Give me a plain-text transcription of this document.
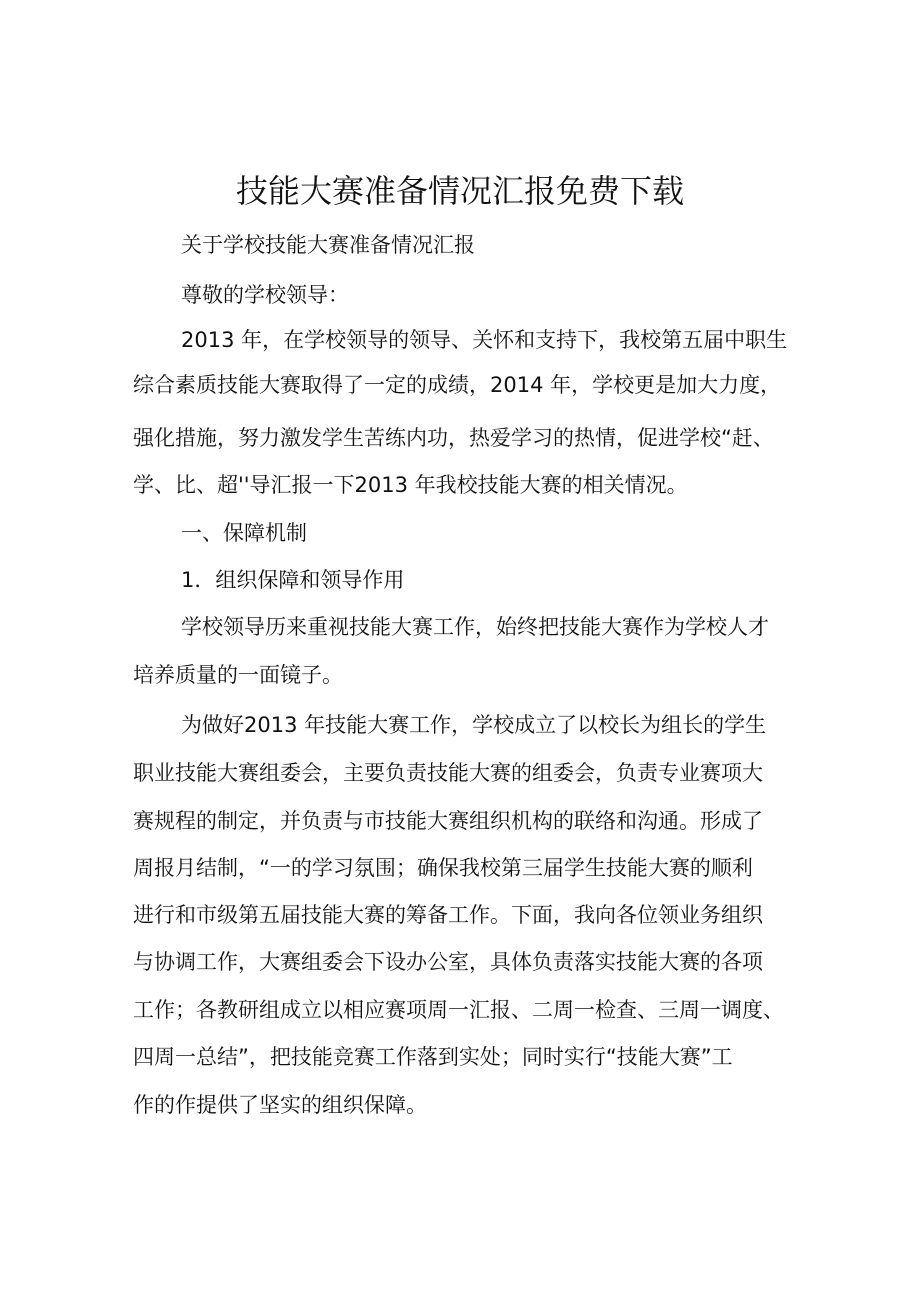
技能大赛准备情况汇报免费下载
关于学校技能大赛准备情况汇报
尊敬的学校领导：
2013 年，在学校领导的领导、关怀和支持下，我校第五届中职生
综合素质技能大赛取得了一定的成绩，2014 年，学校更是加大力度，
强化措施，努力激发学生苦练内功，热爱学习的热情，促进学校“赶、
学、比、超''导汇报一下2013 年我校技能大赛的相关情况。
一、保障机制
1．组织保障和领导作用
学校领导历来重视技能大赛工作，始终把技能大赛作为学校人才
培养质量的一面镜子。
为做好2013 年技能大赛工作，学校成立了以校长为组长的学生
职业技能大赛组委会，主要负责技能大赛的组委会，负责专业赛项大
赛规程的制定，并负责与市技能大赛组织机构的联络和沟通。形成了
周报月结制，“一的学习氛围；确保我校第三届学生技能大赛的顺利
进行和市级第五届技能大赛的筹备工作。下面，我向各位领业务组织
与协调工作，大赛组委会下设办公室，具体负责落实技能大赛的各项
工作；各教研组成立以相应赛项周一汇报、二周一检查、三周一调度、
四周一总结”，把技能竞赛工作落到实处；同时实行“技能大赛”工
作的作提供了坚实的组织保障。
